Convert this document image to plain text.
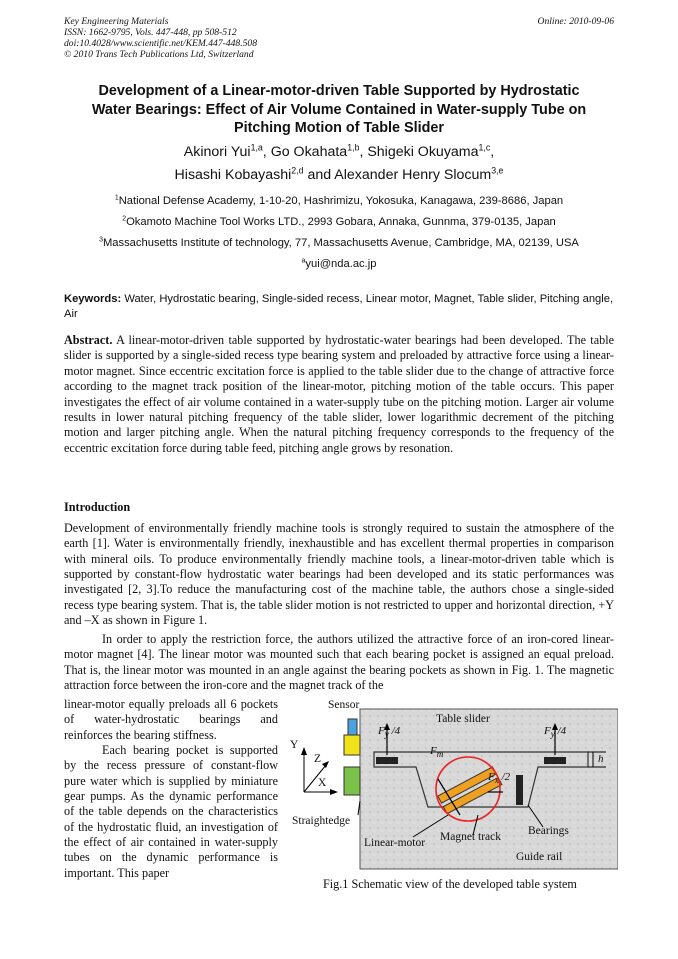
Key Engineering Materials
ISSN: 1662-9795, Vols. 447-448, pp 508-512
doi:10.4028/www.scientific.net/KEM.447-448.508
© 2010 Trans Tech Publications Ltd, Switzerland
Online: 2010-09-06
Development of a Linear-motor-driven Table Supported by Hydrostatic
Water Bearings: Effect of Air Volume Contained in Water-supply Tube on
Pitching Motion of Table Slider
Akinori Yui$^{1,a}$, Go Okahata$^{1,b}$, Shigeki Okuyama$^{1,c}$,
Hisashi Kobayashi$^{2,d}$ and Alexander Henry Slocum$^{3,e}$
$^1$National Defense Academy, 1-10-20, Hashrimizu, Yokosuka, Kanagawa, 239-8686, Japan
$^2$Okamoto Machine Tool Works LTD., 2993 Gobara, Annaka, Gunnma, 379-0135, Japan
$^3$Massachusetts Institute of technology, 77, Massachusetts Avenue, Cambridge, MA, 02139, USA
$^a$yui@nda.ac.jp
Keywords: Water, Hydrostatic bearing, Single-sided recess, Linear motor, Magnet, Table slider, Pitching angle, Air
Abstract. A linear-motor-driven table supported by hydrostatic-water bearings had been developed. The table slider is supported by a single-sided recess type bearing system and preloaded by attractive force using a linear-motor magnet. Since eccentric excitation force is applied to the table slider due to the change of attractive force according to the magnet track position of the linear-motor, pitching motion of the table occurs. This paper investigates the effect of air volume contained in a water-supply tube on the pitching motion. Larger air volume results in lower natural pitching frequency of the table slider, lower logarithmic decrement of the pitching motion and larger pitching angle. When the natural pitching frequency corresponds to the frequency of the eccentric excitation force during table feed, pitching angle grows by resonation.
Introduction
Development of environmentally friendly machine tools is strongly required to sustain the atmosphere of the earth [1]. Water is environmentally friendly, inexhaustible and has excellent thermal properties in comparison with mineral oils. To produce environmentally friendly machine tools, a linear-motor-driven table which is supported by constant-flow hydrostatic water bearings had been developed and its static performances was investigated [2, 3].To reduce the manufacturing cost of the machine table, the authors chose a single-sided recess type bearing system. That is, the table slider motion is not restricted to upper and horizontal direction, +Y and –X as shown in Figure 1.
In order to apply the restriction force, the authors utilized the attractive force of an iron-cored linear-motor magnet [4]. The linear motor was mounted such that each bearing pocket is assigned an equal preload. That is, the linear motor was mounted in an angle against the bearing pockets as shown in Fig. 1. The magnetic attraction force between the iron-core and the magnet track of the
linear-motor equally preloads all 6 pockets of water-hydrostatic bearings and reinforces the bearing stiffness.
Each bearing pocket is supported by the recess pressure of constant-flow pure water which is supplied by miniature gear pumps. As the dynamic performance of the table depends on the characteristics of the hydrostatic fluid, an investigation of the effect of air contained in water-supply tubes on the dynamic performance is important. This paper
Sensor
Table slider
$F_y$ /4	$F_y$ /4
$F_m$
$F_x$ /2
h
Y
Z
X
Straightedge
Linear-motor Magnet track Bearings
Guide rail
Fig.1 Schematic view of the developed table system
